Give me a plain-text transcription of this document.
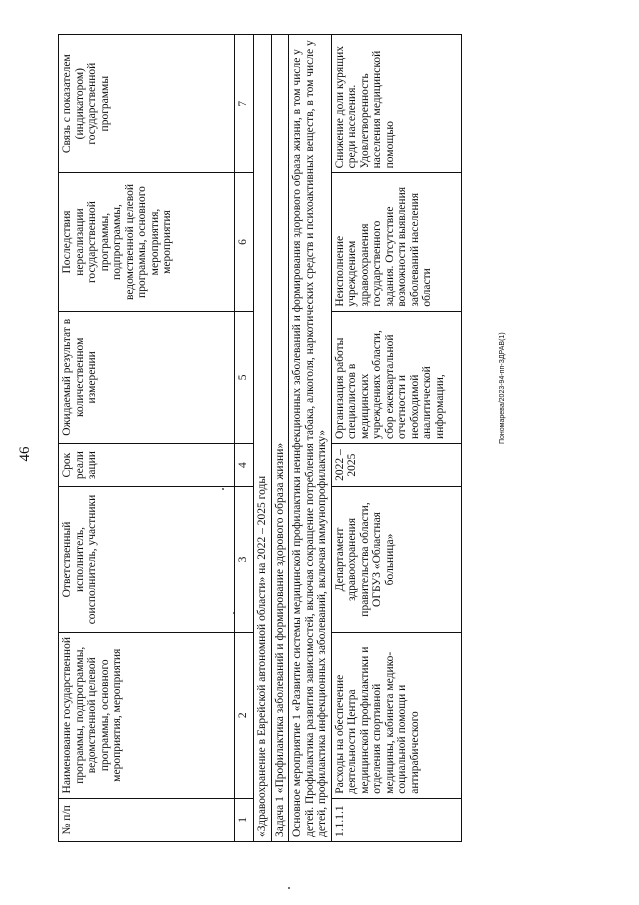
46
Пономарева/2023-94-пп-ЗДРАВ(1)
№ п/п	Наименование государственной программы, подпрограммы, ведомственной целевой программы, основного мероприятия, мероприятия	Ответственный исполнитель, соисполнитель, участники	Срок реали зации	Ожидаемый результат в количественном измерении	Последствия нереализации государственной программы, подпрограммы, ведомственной целевой программы, основного мероприятия, мероприятия	Связь с показателем (индикатором) государственной программы
1	2	3	4	5	6	7
«Здравоохранение в Еврейской автономной области» на 2022 – 2025 годы						
Задача 1 «Профилактика заболеваний и формирование здорового образа жизни»						
Основное мероприятие 1 «Развитие системы медицинской профилактики неинфекционных заболеваний и формирования здорового образа жизни, в том числе у детей. Профилактика развития зависимостей, включая сокращение потребления табака, алкоголя, наркотических средств и психоактивных веществ, в том числе у детей, профилактика инфекционных заболеваний, включая иммунопрофилактику»						
1.1.1.1	Расходы на обеспечение деятельности Центра медицинской профилактики и отделения спортивной медицины, кабинета медико-социальной помощи и антирабического	Департамент здравоохранения правительства области, ОГБУЗ «Областная больница»	2022 – 2025	Организация работы специалистов в медицинских учреждениях области, сбор ежеквартальной отчетности и необходимой аналитической информации,	Неисполнение учреждением здравоохранения государственного задания. Отсутствие возможности выявления заболеваний населения области	Снижение доли курящих среди населения. Удовлетворенность населения медицинской помощью
